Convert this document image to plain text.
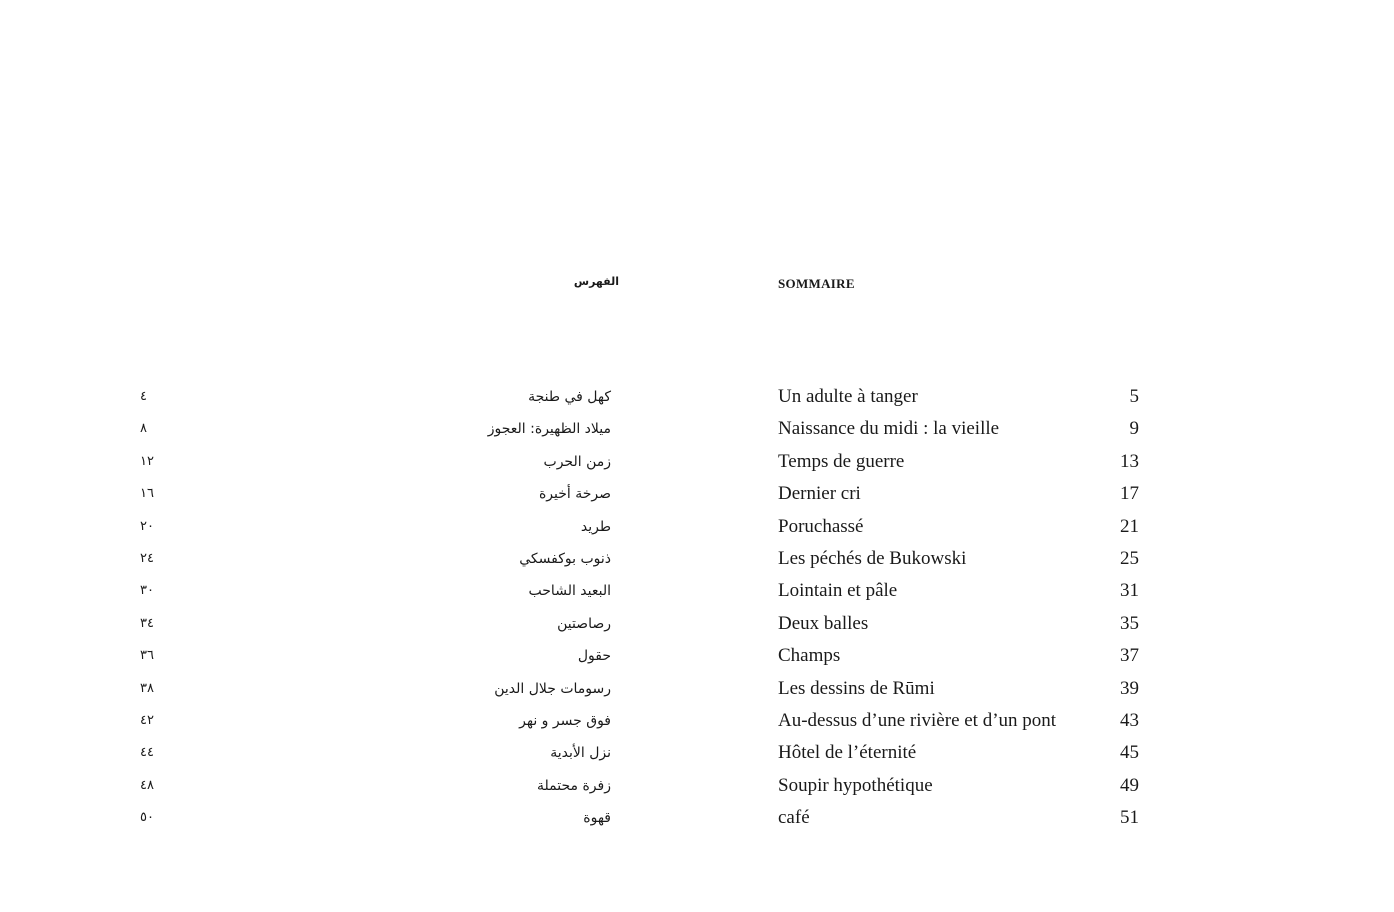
الفهرس	SOMMAIRE
٤	كهل في طنجة	Un adulte à tanger	5
٨	ميلاد الظهيرة: العجوز	Naissance du midi : la vieille	9
١٢	زمن الحرب	Temps de guerre	13
١٦	صرخة أخيرة	Dernier cri	17
٢٠	طريد	Poruchassé	21
٢٤	ذنوب بوكفسكي	Les péchés de Bukowski	25
٣٠	البعيد الشاحب	Lointain et pâle	31
٣٤	رصاصتين	Deux balles	35
٣٦	حقول	Champs	37
٣٨	رسومات جلال الدين	Les dessins de Rūmi	39
٤٢	فوق جسر و نهر	Au-dessus d’une rivière et d’un pont	43
٤٤	نزل الأبدية	Hôtel de l’éternité	45
٤٨	زفرة محتملة	Soupir hypothétique	49
٥٠	قهوة	café	51
